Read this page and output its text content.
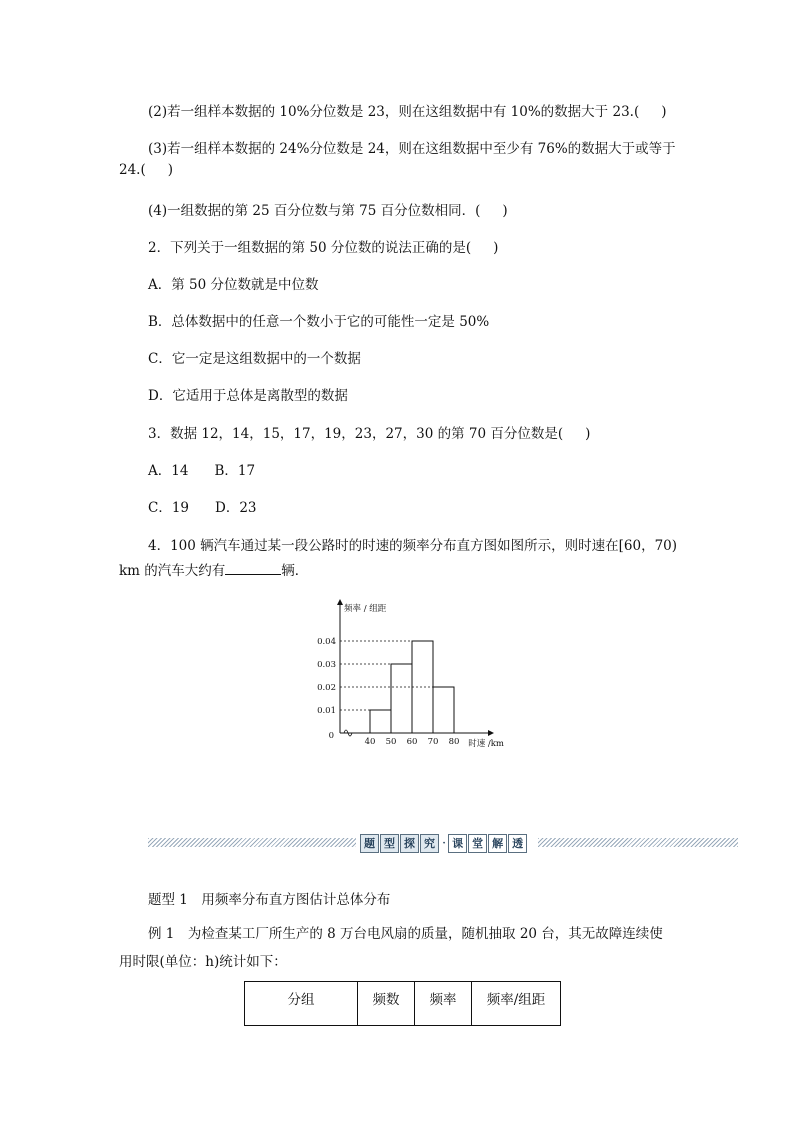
(2)若一组样本数据的 10%分位数是 23，则在这组数据中有 10%的数据大于 23.( )
(3)若一组样本数据的 24%分位数是 24，则在这组数据中至少有 76%的数据大于或等于
24.( )
(4)一组数据的第 25 百分位数与第 75 百分位数相同．( )
2．下列关于一组数据的第 50 分位数的说法正确的是( )
A．第 50 分位数就是中位数
B．总体数据中的任意一个数小于它的可能性一定是 50%
C．它一定是这组数据中的一个数据
D．它适用于总体是离散型的数据
3．数据 12，14，15，17，19，23，27，30 的第 70 百分位数是( )
A．14 B．17
C．19 D．23
4．100 辆汽车通过某一段公路时的时速的频率分布直方图如图所示，则时速在[60，70)
km 的汽车大约有	辆．
0.01
0.02
0.03
0.04
40 50 60 70 80
0
频率 / 组距
时速 /km
题 型 探 究 · 课 堂 解 透
题型 1　用频率分布直方图估计总体分布
例 1　为检查某工厂所生产的 8 万台电风扇的质量，随机抽取 20 台，其无故障连续使用时限(单位：h)统计如下：
分组	频数	频率	频率/组距
